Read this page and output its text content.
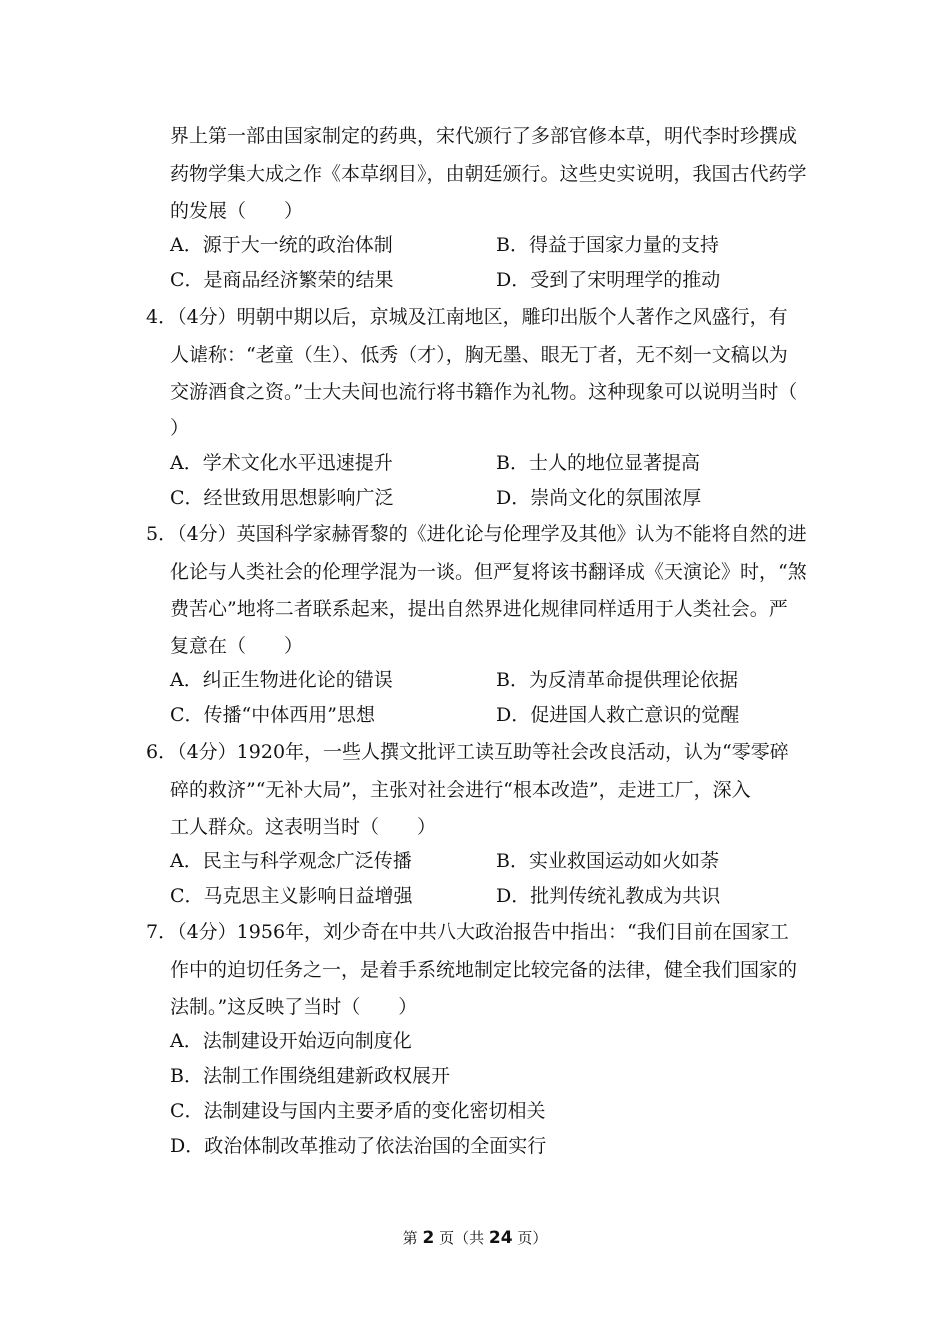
界上第一部由国家制定的药典，宋代颁行了多部官修本草，明代李时珍撰成
药物学集大成之作《本草纲目》，由朝廷颁行。这些史实说明，我国古代药学
的发展（　　）
A．源于大一统的政治体制	B．得益于国家力量的支持
C．是商品经济繁荣的结果	D．受到了宋明理学的推动
4．（4分）明朝中期以后，京城及江南地区，雕印出版个人著作之风盛行，有
人谑称：“老童（生）、低秀（才），胸无墨、眼无丁者，无不刻一文稿以为
交游酒食之资。”士大夫间也流行将书籍作为礼物。这种现象可以说明当时（
）
A．学术文化水平迅速提升	B．士人的地位显著提高
C．经世致用思想影响广泛	D．崇尚文化的氛围浓厚
5．（4分）英国科学家赫胥黎的《进化论与伦理学及其他》认为不能将自然的进
化论与人类社会的伦理学混为一谈。但严复将该书翻译成《天演论》时，“煞
费苦心”地将二者联系起来，提出自然界进化规律同样适用于人类社会。严
复意在（　　）
A．纠正生物进化论的错误	B．为反清革命提供理论依据
C．传播“中体西用”思想	D．促进国人救亡意识的觉醒
6．（4分）1920年，一些人撰文批评工读互助等社会改良活动，认为“零零碎
碎的救济”“无补大局”，主张对社会进行“根本改造”，走进工厂，深入
工人群众。这表明当时（　　）
A．民主与科学观念广泛传播	B．实业救国运动如火如荼
C．马克思主义影响日益增强	D．批判传统礼教成为共识
7．（4分）1956年，刘少奇在中共八大政治报告中指出：“我们目前在国家工
作中的迫切任务之一，是着手系统地制定比较完备的法律，健全我们国家的
法制。”这反映了当时（　　）
A．法制建设开始迈向制度化
B．法制工作围绕组建新政权展开
C．法制建设与国内主要矛盾的变化密切相关
D．政治体制改革推动了依法治国的全面实行
第 2 页（共 24 页）
